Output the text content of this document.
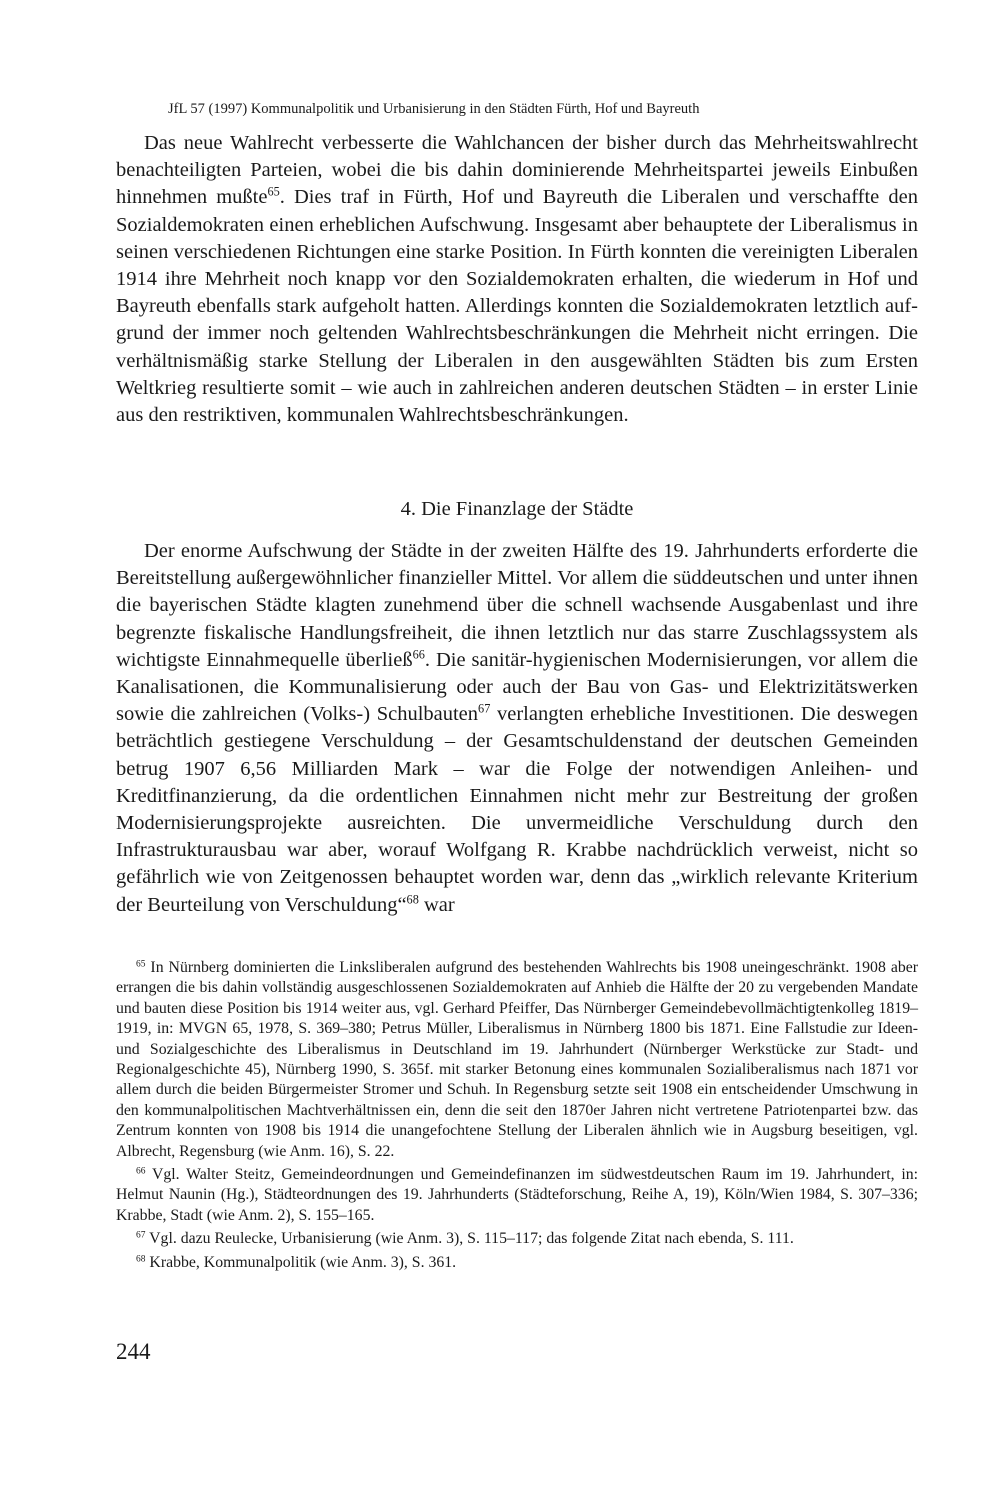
JfL 57 (1997) Kommunalpolitik und Urbanisierung in den Städten Fürth, Hof und Bayreuth

Das neue Wahlrecht verbesserte die Wahlchancen der bisher durch das Mehrheitswahlrecht benachteiligten Parteien, wobei die bis dahin dominierende Mehrheitspartei jeweils Einbußen hinnehmen mußte$^{65}$. Dies traf in Fürth, Hof und Bayreuth die Liberalen und verschaffte den Sozialdemokraten einen erheblichen Aufschwung. Insgesamt aber behauptete der Liberalismus in seinen verschiedenen Richtungen eine starke Position. In Fürth konnten die vereinigten Liberalen 1914 ihre Mehrheit noch knapp vor den Sozialdemokraten erhalten, die wiederum in Hof und Bayreuth ebenfalls stark aufgeholt hatten. Allerdings konnten die Sozialdemokraten letztlich aufgrund der immer noch geltenden Wahlrechtsbeschränkungen die Mehrheit nicht erringen. Die verhältnismäßig starke Stellung der Liberalen in den ausgewählten Städten bis zum Ersten Weltkrieg resultierte somit – wie auch in zahlreichen anderen deutschen Städten – in erster Linie aus den restriktiven, kommunalen Wahlrechtsbeschränkungen.

4. Die Finanzlage der Städte

Der enorme Aufschwung der Städte in der zweiten Hälfte des 19. Jahrhunderts erforderte die Bereitstellung außergewöhnlicher finanzieller Mittel. Vor allem die süddeutschen und unter ihnen die bayerischen Städte klagten zunehmend über die schnell wachsende Ausgabenlast und ihre begrenzte fiskalische Handlungsfreiheit, die ihnen letztlich nur das starre Zuschlagssystem als wichtigste Einnahmequelle überließ$^{66}$. Die sanitär-hygienischen Modernisierungen, vor allem die Kanalisationen, die Kommunalisierung oder auch der Bau von Gas- und Elektrizitätswerken sowie die zahlreichen (Volks-) Schulbauten$^{67}$ verlangten erhebliche Investitionen. Die deswegen beträchtlich gestiegene Verschuldung – der Gesamtschuldenstand der deutschen Gemeinden betrug 1907 6,56 Milliarden Mark – war die Folge der notwendigen Anleihen- und Kreditfinanzierung, da die ordentlichen Einnahmen nicht mehr zur Bestreitung der großen Modernisierungsprojekte ausreichten. Die unvermeidliche Verschuldung durch den Infrastrukturausbau war aber, worauf Wolfgang R. Krabbe nachdrücklich verweist, nicht so gefährlich wie von Zeitgenossen behauptet worden war, denn das „wirklich relevante Kriterium der Beurteilung von Verschuldung“$^{68}$ war

$^{65}$ In Nürnberg dominierten die Linksliberalen aufgrund des bestehenden Wahlrechts bis 1908 uneingeschränkt. 1908 aber errangen die bis dahin vollständig ausgeschlossenen Sozialdemokraten auf Anhieb die Hälfte der 20 zu vergebenden Mandate und bauten diese Position bis 1914 weiter aus, vgl. Gerhard Pfeiffer, Das Nürnberger Gemeindebevollmächtigtenkolleg 1819–1919, in: MVGN 65, 1978, S. 369–380; Petrus Müller, Liberalismus in Nürnberg 1800 bis 1871. Eine Fallstudie zur Ideen- und Sozialgeschichte des Liberalismus in Deutschland im 19. Jahrhundert (Nürnberger Werkstücke zur Stadt- und Regionalgeschichte 45), Nürnberg 1990, S. 365f. mit starker Betonung eines kommunalen Sozialiberalismus nach 1871 vor allem durch die beiden Bürgermeister Stromer und Schuh. In Regensburg setzte seit 1908 ein entscheidender Umschwung in den kommunalpolitischen Machtverhältnissen ein, denn die seit den 1870er Jahren nicht vertretene Patriotenpartei bzw. das Zentrum konnten von 1908 bis 1914 die unangefochtene Stellung der Liberalen ähnlich wie in Augsburg beseitigen, vgl. Albrecht, Regensburg (wie Anm. 16), S. 22.

$^{66}$ Vgl. Walter Steitz, Gemeindeordnungen und Gemeindefinanzen im südwestdeutschen Raum im 19. Jahrhundert, in: Helmut Naunin (Hg.), Städteordnungen des 19. Jahrhunderts (Städteforschung, Reihe A, 19), Köln/Wien 1984, S. 307–336; Krabbe, Stadt (wie Anm. 2), S. 155–165.

$^{67}$ Vgl. dazu Reulecke, Urbanisierung (wie Anm. 3), S. 115–117; das folgende Zitat nach ebenda, S. 111.

$^{68}$ Krabbe, Kommunalpolitik (wie Anm. 3), S. 361.

244
